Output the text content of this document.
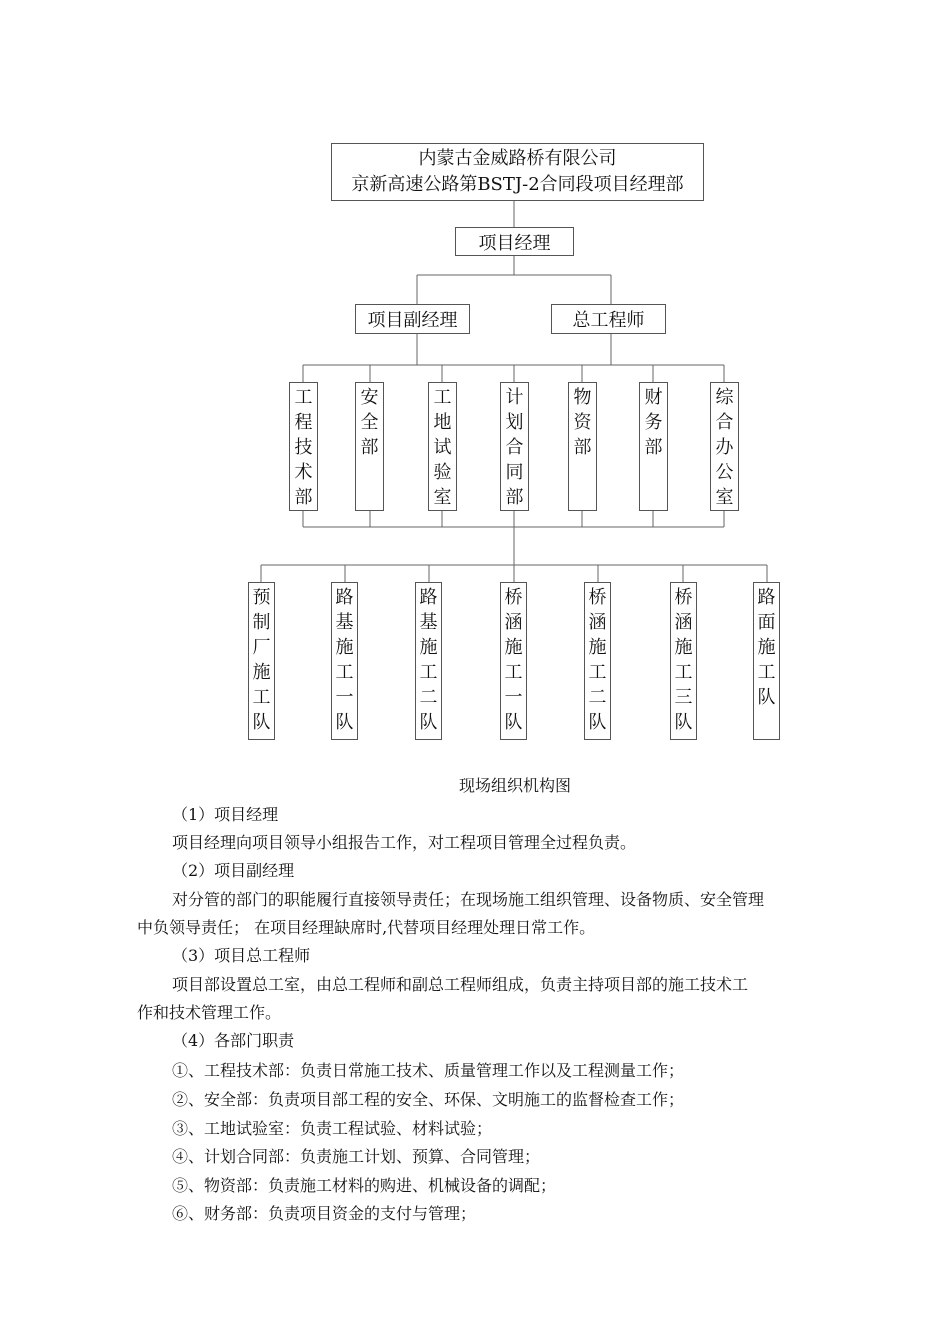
内蒙古金威路桥有限公司
京新高速公路第BSTJ-2合同段项目经理部
项目经理
项目副经理	总工程师
工
程
技
术
部
安
全
部
工
地
试
验
室
计
划
合
同
部
物
资
部
财
务
部
综
合
办
公
室
预
制
厂
施
工
队
路
基
施
工
一
队
路
基
施
工
二
队
桥
涵
施
工
一
队
桥
涵
施
工
二
队
桥
涵
施
工
三
队
路
面
施
工
队
现场组织机构图
（1）项目经理
项目经理向项目领导小组报告工作，对工程项目管理全过程负责。
（2）项目副经理
对分管的部门的职能履行直接领导责任；在现场施工组织管理、设备物质、安全管理
中负领导责任； 在项目经理缺席时,代替项目经理处理日常工作。
（3）项目总工程师
项目部设置总工室，由总工程师和副总工程师组成，负责主持项目部的施工技术工
作和技术管理工作。
（4）各部门职责
①、工程技术部：负责日常施工技术、质量管理工作以及工程测量工作；
②、安全部：负责项目部工程的安全、环保、文明施工的监督检查工作；
③、工地试验室：负责工程试验、材料试验；
④、计划合同部：负责施工计划、预算、合同管理；
⑤、物资部：负责施工材料的购进、机械设备的调配；
⑥、财务部：负责项目资金的支付与管理；
